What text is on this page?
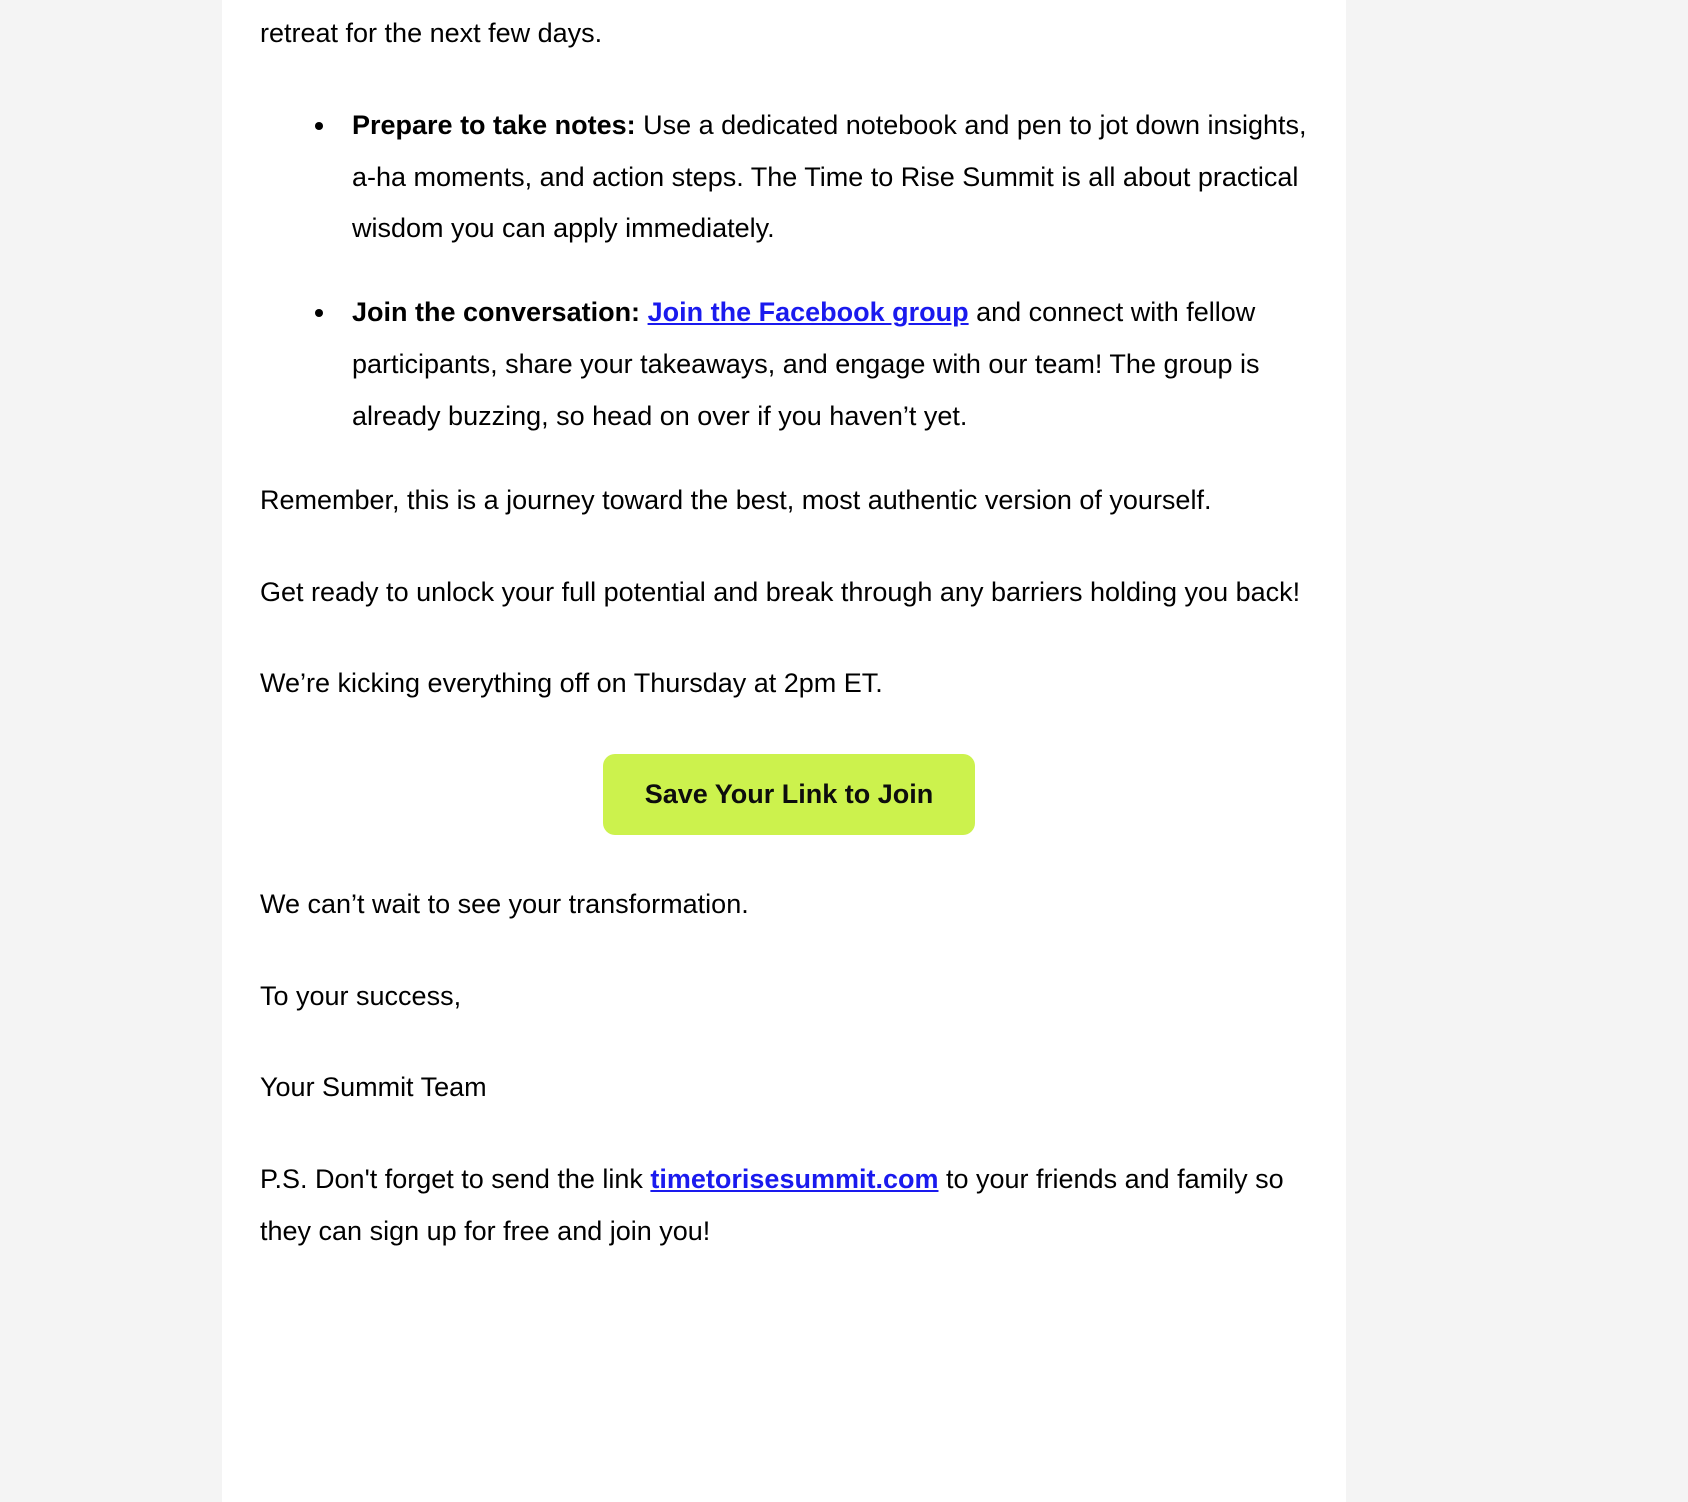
retreat for the next few days.

• Prepare to take notes: Use a dedicated notebook and pen to jot down insights, a-ha moments, and action steps. The Time to Rise Summit is all about practical wisdom you can apply immediately.
• Join the conversation: Join the Facebook group and connect with fellow participants, share your takeaways, and engage with our team! The group is already buzzing, so head on over if you haven’t yet.

Remember, this is a journey toward the best, most authentic version of yourself.

Get ready to unlock your full potential and break through any barriers holding you back!

We’re kicking everything off on Thursday at 2pm ET.

Save Your Link to Join

We can’t wait to see your transformation.

To your success,

Your Summit Team

P.S. Don't forget to send the link timetorisesummit.com to your friends and family so they can sign up for free and join you!
